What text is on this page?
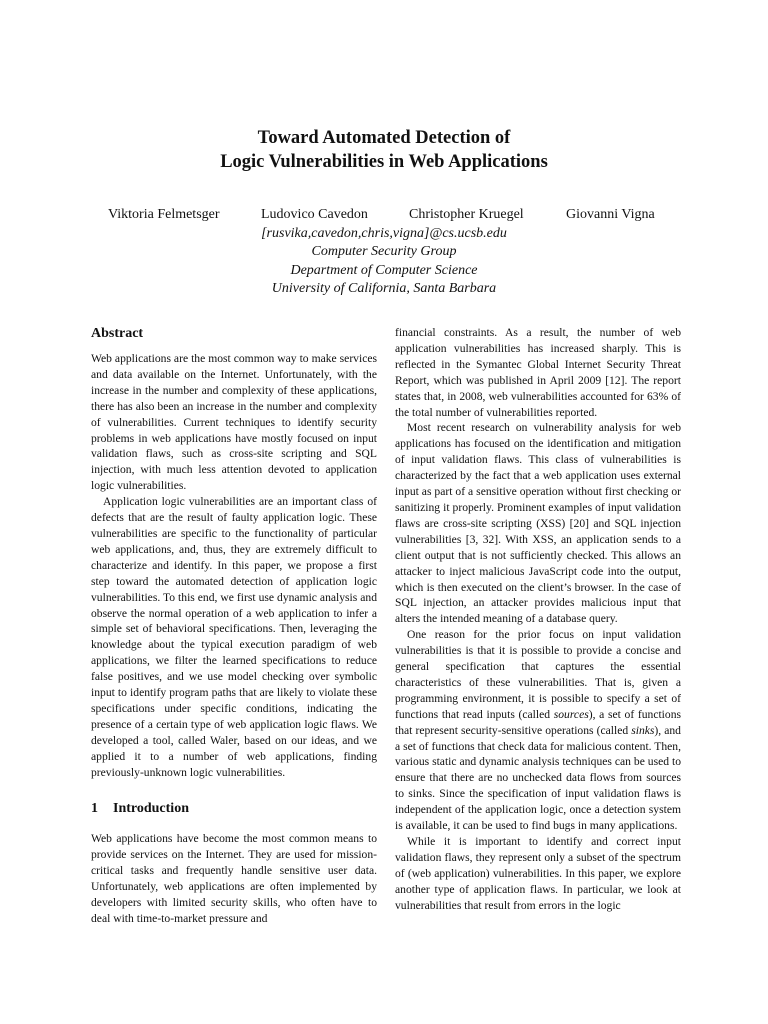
Toward Automated Detection of
Logic Vulnerabilities in Web Applications
Viktoria Felmetsger	Ludovico Cavedon	Christopher Kruegel	Giovanni Vigna
[rusvika,cavedon,chris,vigna]@cs.ucsb.edu
Computer Security Group
Department of Computer Science
University of California, Santa Barbara
Abstract

Web applications are the most common way to make services and data available on the Internet. Unfortunately, with the increase in the number and complexity of these applications, there has also been an increase in the number and complexity of vulnerabilities. Current techniques to identify security problems in web applications have mostly focused on input validation flaws, such as cross-site scripting and SQL injection, with much less attention devoted to application logic vulnerabilities.

Application logic vulnerabilities are an important class of defects that are the result of faulty application logic. These vulnerabilities are specific to the functionality of particular web applications, and, thus, they are extremely difficult to characterize and identify. In this paper, we propose a first step toward the automated detection of application logic vulnerabilities. To this end, we first use dynamic analysis and observe the normal operation of a web application to infer a simple set of behavioral specifications. Then, leveraging the knowledge about the typical execution paradigm of web applications, we filter the learned specifications to reduce false positives, and we use model checking over symbolic input to identify program paths that are likely to violate these specifications under specific conditions, indicating the presence of a certain type of web application logic flaws. We developed a tool, called Waler, based on our ideas, and we applied it to a number of web applications, finding previously-unknown logic vulnerabilities.

1 Introduction

Web applications have become the most common means to provide services on the Internet. They are used for mission-critical tasks and frequently handle sensitive user data. Unfortunately, web applications are often implemented by developers with limited security skills, who often have to deal with time-to-market pressure and

financial constraints. As a result, the number of web application vulnerabilities has increased sharply. This is reflected in the Symantec Global Internet Security Threat Report, which was published in April 2009 [12]. The report states that, in 2008, web vulnerabilities accounted for 63% of the total number of vulnerabilities reported.

Most recent research on vulnerability analysis for web applications has focused on the identification and mitigation of input validation flaws. This class of vulnerabilities is characterized by the fact that a web application uses external input as part of a sensitive operation without first checking or sanitizing it properly. Prominent examples of input validation flaws are cross-site scripting (XSS) [20] and SQL injection vulnerabilities [3, 32]. With XSS, an application sends to a client output that is not sufficiently checked. This allows an attacker to inject malicious JavaScript code into the output, which is then executed on the client’s browser. In the case of SQL injection, an attacker provides malicious input that alters the intended meaning of a database query.

One reason for the prior focus on input validation vulnerabilities is that it is possible to provide a concise and general specification that captures the essential characteristics of these vulnerabilities. That is, given a programming environment, it is possible to specify a set of functions that read inputs (called sources), a set of functions that represent security-sensitive operations (called sinks), and a set of functions that check data for malicious content. Then, various static and dynamic analysis techniques can be used to ensure that there are no unchecked data flows from sources to sinks. Since the specification of input validation flaws is independent of the application logic, once a detection system is available, it can be used to find bugs in many applications.

While it is important to identify and correct input validation flaws, they represent only a subset of the spectrum of (web application) vulnerabilities. In this paper, we explore another type of application flaws. In particular, we look at vulnerabilities that result from errors in the logic
